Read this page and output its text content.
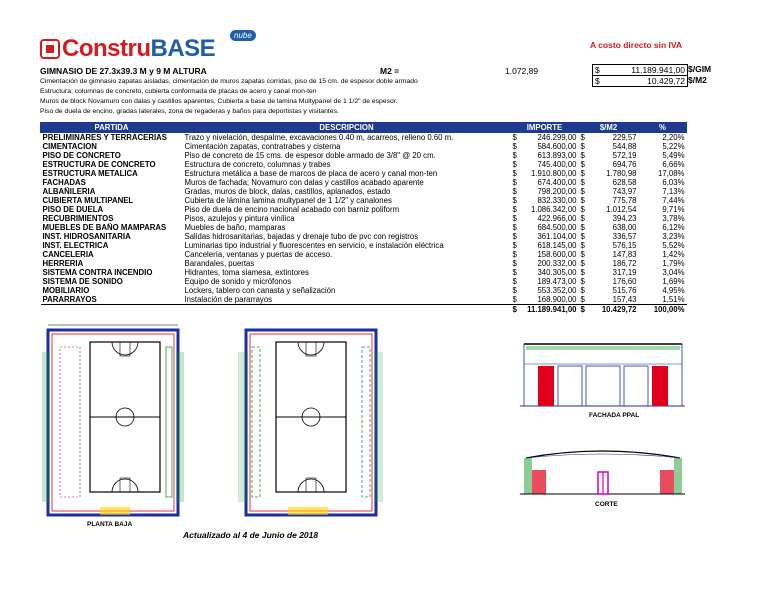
ConstruBASE	nube
A costo directo sin IVA
GIMNASIO DE 27.3x39.3 M y 9 M ALTURA	M2 =	1.072,89	$	11.189.941,00
$	10.429,72
$/GIM
$/M2
Cimentación de gimnasio zapatas aisladas, cimentación de muros zapatas corridas, piso de 15 cm. de espesor doble armado
Estructura; columnas de concreto, cubierta conformada de placas de acero y canal mon-ten
Muros de block Novamuro con dalas y castillos aparentes. Cubierta a base de lamina Multypanel de 1 1/2" de espesor.
Piso de duela de encino, gradas laterales, zona de regaderas y baños para deportistas y visitantes.
PARTIDA	DESCRIPCION	IMPORTE		$/M2		%
PRELIMINARES Y TERRACERIAS	Trazo y nivelación, despalme, excavaciones 0.40 m, acarreos, relleno 0.60 m.	$	246.299,00	$	229,57	2,20%
CIMENTACION	Cimentación zapatas, contratrabes y cisterna	$	584.600,00	$	544,88	5,22%
PISO DE CONCRETO	Piso de concreto de 15 cms. de espesor doble armado de 3/8" @ 20 cm.	$	613.893,00	$	572,19	5,49%
ESTRUCTURA DE CONCRETO	Estructura de concreto, columnas y trabes	$	745.400,00	$	694,76	6,66%
ESTRUCTURA METALICA	Estructura metálica a base de marcos de placa de acero y canal mon-ten	$	1.910.800,00	$	1.780,98	17,08%
FACHADAS	Muros de fachada; Novamuro con dalas y castillos acabado aparente	$	674.400,00	$	628,58	6,03%
ALBAÑILERIA	Gradas, muros de block, dalas, castillos, aplanados, estado	$	798.200,00	$	743,97	7,13%
CUBIERTA MULTIPANEL	Cubierta de lámina lamina multypanel de 1 1/2" y canalones	$	832.330,00	$	775,78	7,44%
PISO DE DUELA	Piso de duela de encino nacional acabado con barniz poliform	$	1.086.342,00	$	1.012,54	9,71%
RECUBRIMIENTOS	Pisos, azulejos y pintura vinílica	$	422.966,00	$	394,23	3,78%
MUEBLES DE BAÑO MAMPARAS	Muebles de baño, mamparas	$	684.500,00	$	638,00	6,12%
INST. HIDROSANITARIA	Salidas hidrosanitarias, bajadas y drenaje tubo de pvc con registros	$	361.104,00	$	336,57	3,23%
INST. ELECTRICA	Luminarias tipo industrial y fluorescentes en servicio, e instalación eléctrica	$	618.145,00	$	576,15	5,52%
CANCELERIA	Cancelería, ventanas y puertas de acceso.	$	158.600,00	$	147,83	1,42%
HERRERIA	Barandales, puertas	$	200.332,00	$	186,72	1,79%
SISTEMA CONTRA INCENDIO	Hidrantes, toma siamesa, extintores	$	340.305,00	$	317,19	3,04%
SISTEMA DE SONIDO	Equipo de sonido y micrófonos	$	189.473,00	$	176,60	1,69%
MOBILIARIO	Lockers, tablero con canasta y señalización	$	553.352,00	$	515,76	4,95%
PARARRAYOS	Instalación de pararrayos	$	168.900,00	$	157,43	1,51%
		$	11.189.941,00	$	10.429,72	100,00%
PLANTA BAJA
FACHADA PPAL
CORTE
Actualizado al 4 de Junio de 2018
